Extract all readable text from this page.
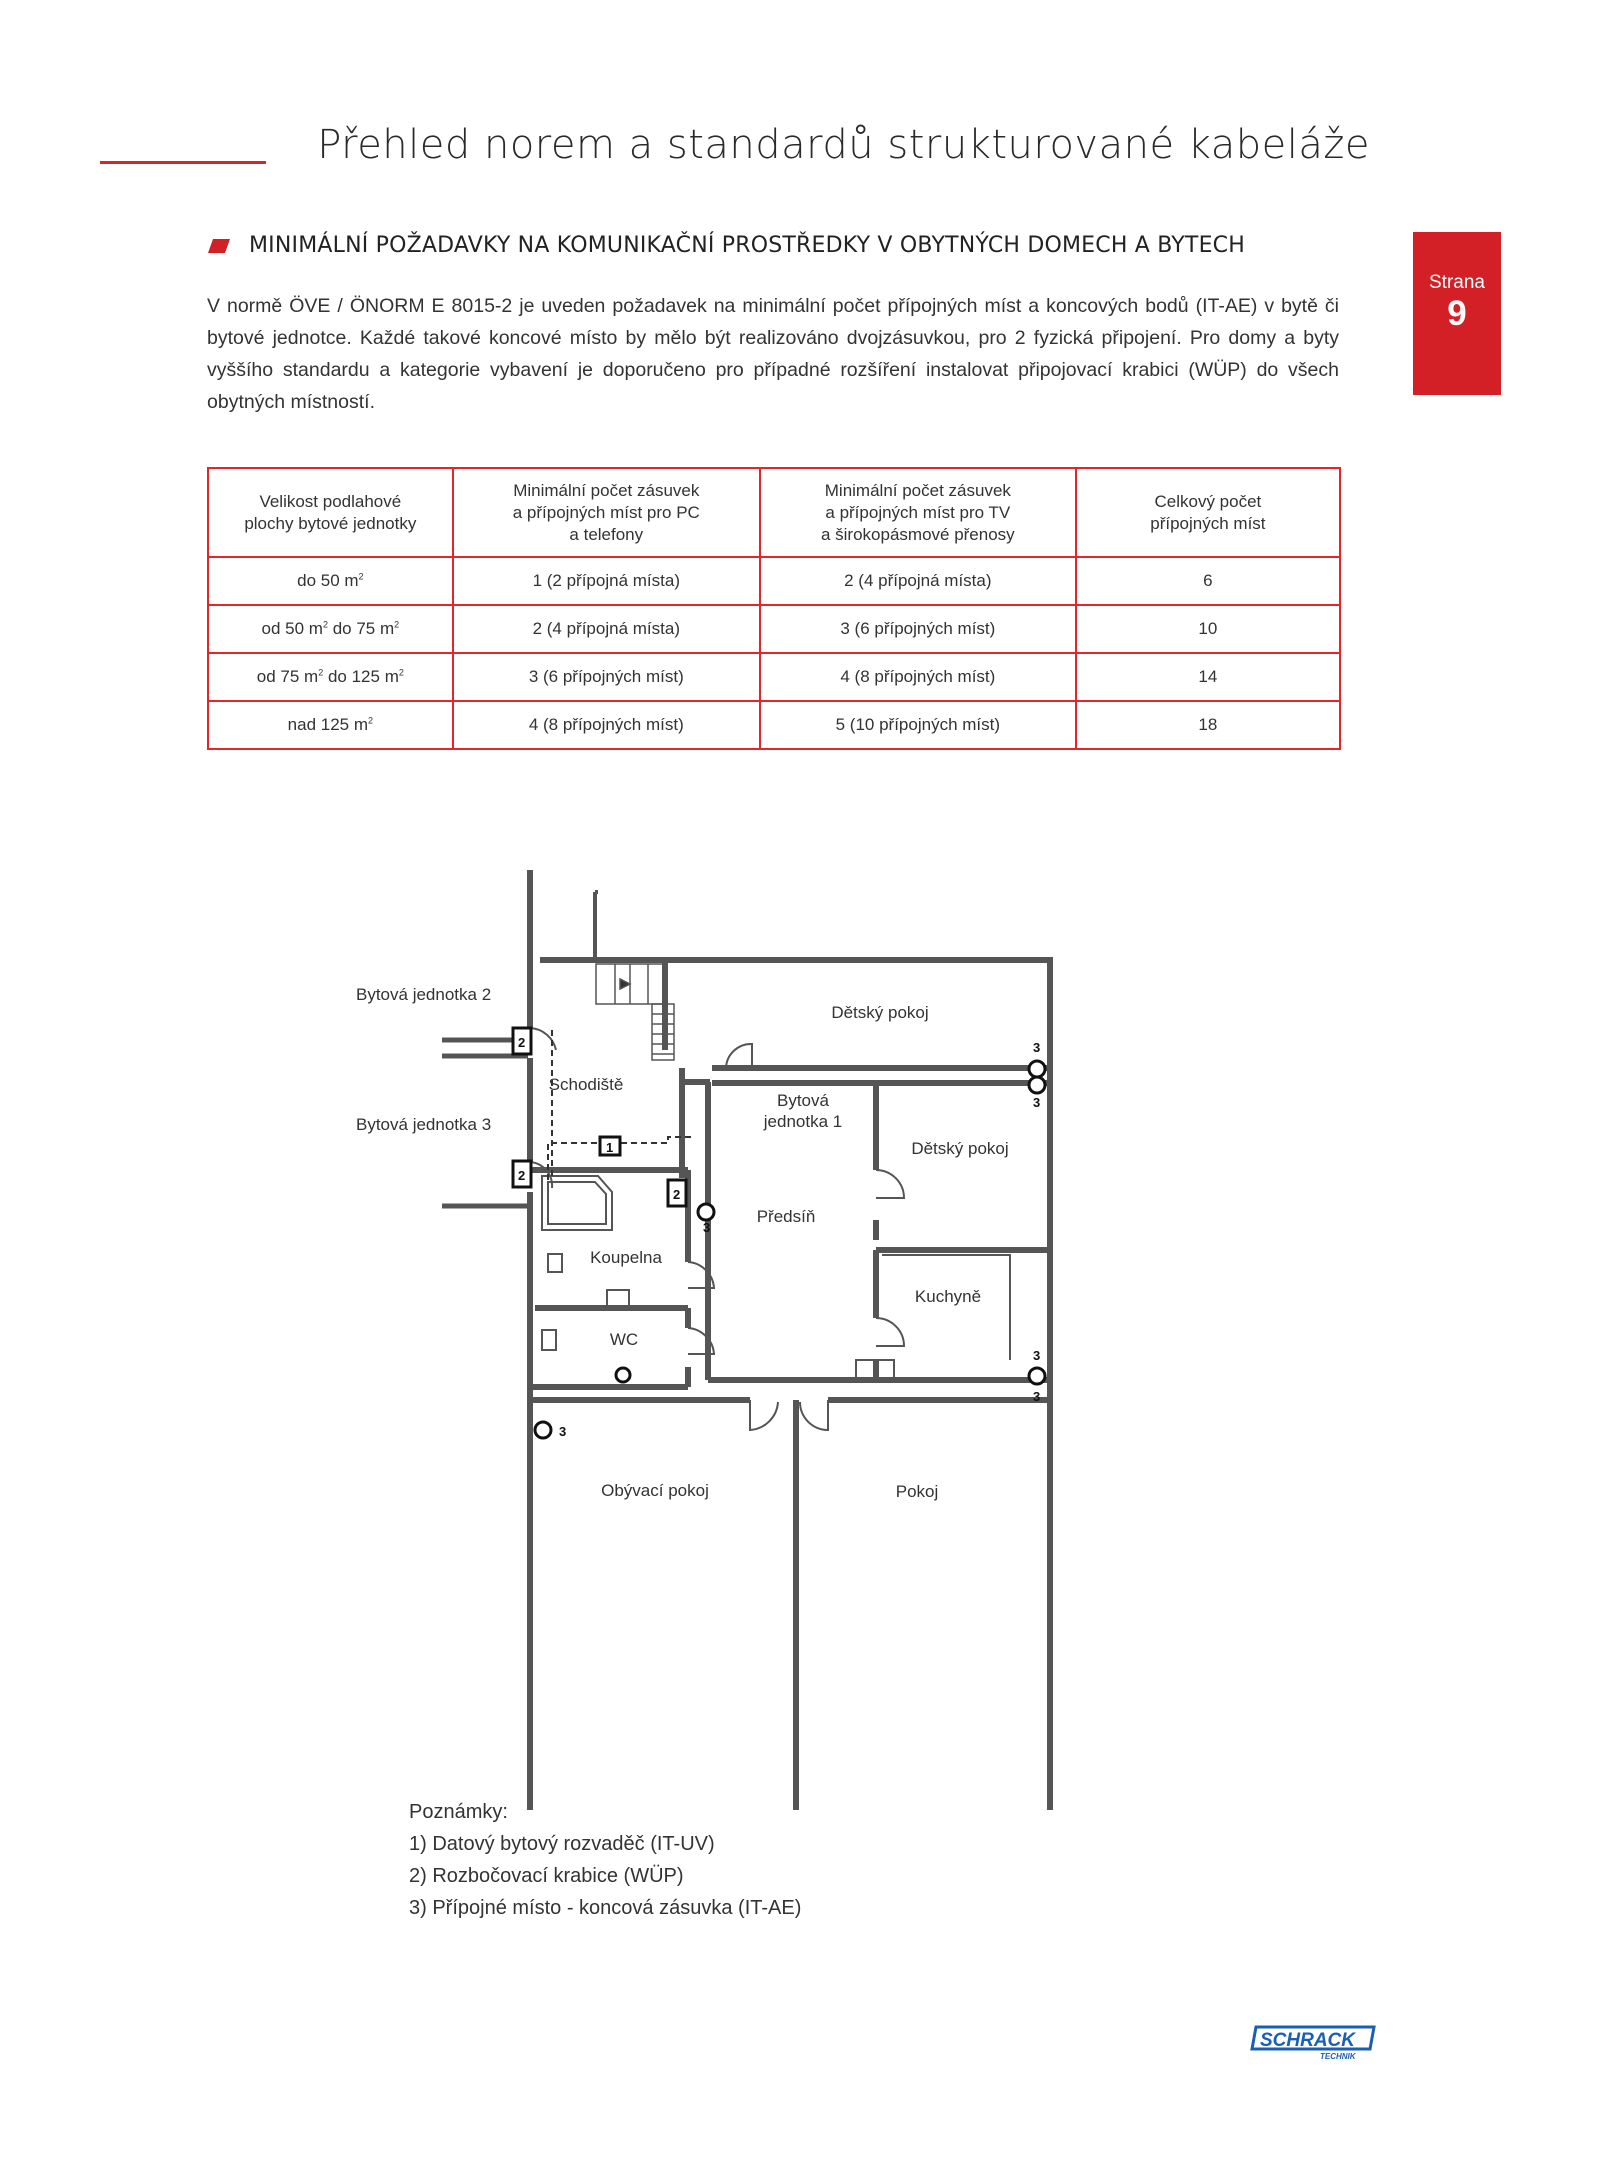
Přehled norem a standardů strukturované kabeláže
Strana
9
MINIMÁLNÍ POŽADAVKY NA KOMUNIKAČNÍ PROSTŘEDKY V OBYTNÝCH DOMECH A BYTECH
V normě ÖVE / ÖNORM E 8015-2 je uveden požadavek na minimální počet přípojných míst a koncových bodů (IT-AE) v bytě či bytové jednotce. Každé takové koncové místo by mělo být realizováno dvojzásuvkou, pro 2 fyzická připojení. Pro domy a byty vyššího standardu a kategorie vybavení je doporučeno pro případné rozšíření instalovat připojovací krabici (WÜP) do všech obytných místností.
Velikost podlahové
plochy bytové jednotky	Minimální počet zásuvek
a přípojných míst pro PC
a telefony	Minimální počet zásuvek
a přípojných míst pro TV
a širokopásmové přenosy	Celkový počet
přípojných míst
do 50 $m^2$	1 (2 přípojná místa)	2 (4 přípojná místa)	6
od 50 $m^2$ do 75 $m^2$	2 (4 přípojná místa)	3 (6 přípojných míst)	10
od 75 $m^2$ do 125 $m^2$	3 (6 přípojných míst)	4 (8 přípojných míst)	14
nad 125 $m^2$	4 (8 přípojných míst)	5 (10 přípojných míst)	18
2
2
1
2
3
3
3
3
3
3
Bytová jednotka 2
Bytová jednotka 3
Schodiště
Dětský pokoj
Bytová
jednotka 1
Dětský pokoj
Předsíň
Koupelna
Kuchyně
WC
Obývací pokoj	Pokoj
Poznámky:
1) Datový bytový rozvaděč (IT-UV)
2) Rozbočovací krabice (WÜP)
3) Přípojné místo - koncová zásuvka (IT-AE)
SCHRACK
TECHNIK
